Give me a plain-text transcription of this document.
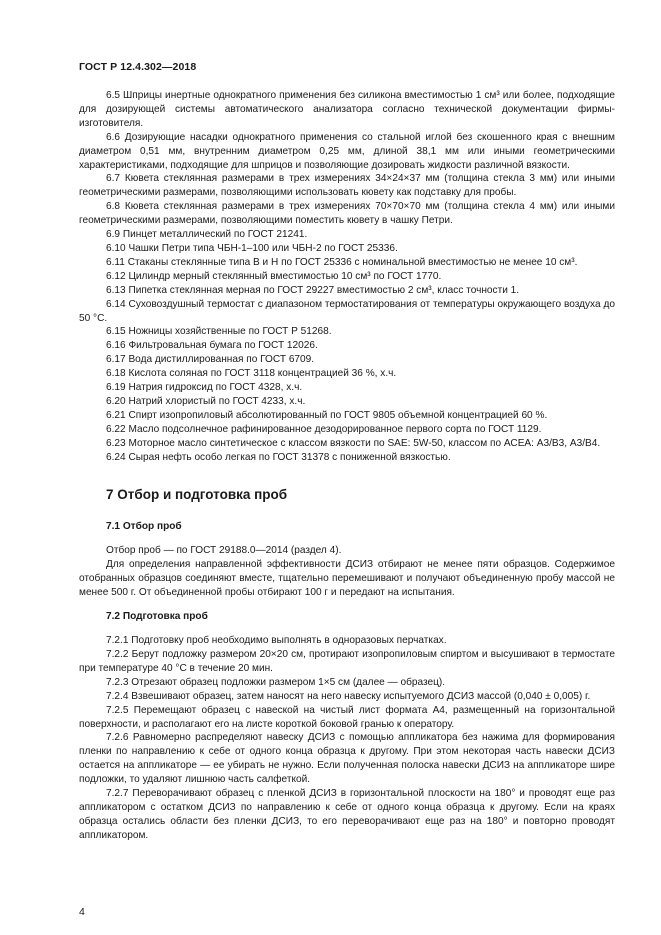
ГОСТ Р 12.4.302—2018

6.5 Шприцы инертные однократного применения без силикона вместимостью 1 см³ или более, подходящие для дозирующей системы автоматического анализатора согласно технической документации фирмы-изготовителя.

6.6 Дозирующие насадки однократного применения со стальной иглой без скошенного края с внешним диаметром 0,51 мм, внутренним диаметром 0,25 мм, длиной 38,1 мм или иными геометрическими характеристиками, подходящие для шприцов и позволяющие дозировать жидкости различной вязкости.

6.7 Кювета стеклянная размерами в трех измерениях 34×24×37 мм (толщина стекла 3 мм) или иными геометрическими размерами, позволяющими использовать кювету как подставку для пробы.

6.8 Кювета стеклянная размерами в трех измерениях 70×70×70 мм (толщина стекла 4 мм) или иными геометрическими размерами, позволяющими поместить кювету в чашку Петри.

6.9 Пинцет металлический по ГОСТ 21241.

6.10 Чашки Петри типа ЧБН-1–100 или ЧБН-2 по ГОСТ 25336.

6.11 Стаканы стеклянные типа В и Н по ГОСТ 25336 с номинальной вместимостью не менее 10 см³.

6.12 Цилиндр мерный стеклянный вместимостью 10 см³ по ГОСТ 1770.

6.13 Пипетка стеклянная мерная по ГОСТ 29227 вместимостью 2 см³, класс точности 1.

6.14 Суховоздушный термостат с диапазоном термостатирования от температуры окружающего воздуха до 50 °С.

6.15 Ножницы хозяйственные по ГОСТ Р 51268.

6.16 Фильтровальная бумага по ГОСТ 12026.

6.17 Вода дистиллированная по ГОСТ 6709.

6.18 Кислота соляная по ГОСТ 3118 концентрацией 36 %, х.ч.

6.19 Натрия гидроксид по ГОСТ 4328, х.ч.

6.20 Натрий хлористый по ГОСТ 4233, х.ч.

6.21 Спирт изопропиловый абсолютированный по ГОСТ 9805 объемной концентрацией 60 %.

6.22 Масло подсолнечное рафинированное дезодорированное первого сорта по ГОСТ 1129.

6.23 Моторное масло синтетическое с классом вязкости по SAE: 5W-50, классом по АСЕА: А3/В3, А3/В4.

6.24 Сырая нефть особо легкая по ГОСТ 31378 с пониженной вязкостью.

7 Отбор и подготовка проб
7.1 Отбор проб

Отбор проб — по ГОСТ 29188.0—2014 (раздел 4).

Для определения направленной эффективности ДСИЗ отбирают не менее пяти образцов. Содержимое отобранных образцов соединяют вместе, тщательно перемешивают и получают объединенную пробу массой не менее 500 г. От объединенной пробы отбирают 100 г и передают на испытания.

7.2 Подготовка проб

7.2.1 Подготовку проб необходимо выполнять в одноразовых перчатках.

7.2.2 Берут подложку размером 20×20 см, протирают изопропиловым спиртом и высушивают в термостате при температуре 40 °С в течение 20 мин.

7.2.3 Отрезают образец подложки размером 1×5 см (далее — образец).

7.2.4 Взвешивают образец, затем наносят на него навеску испытуемого ДСИЗ массой (0,040 ± 0,005) г.

7.2.5 Перемещают образец с навеской на чистый лист формата А4, размещенный на горизонтальной поверхности, и располагают его на листе короткой боковой гранью к оператору.

7.2.6 Равномерно распределяют навеску ДСИЗ с помощью аппликатора без нажима для формирования пленки по направлению к себе от одного конца образца к другому. При этом некоторая часть навески ДСИЗ остается на аппликаторе — ее убирать не нужно. Если полученная полоска навески ДСИЗ на аппликаторе шире подложки, то удаляют лишнюю часть салфеткой.

7.2.7 Переворачивают образец с пленкой ДСИЗ в горизонтальной плоскости на 180° и проводят еще раз аппликатором с остатком ДСИЗ по направлению к себе от одного конца образца к другому. Если на краях образца остались области без пленки ДСИЗ, то его переворачивают еще раз на 180° и повторно проводят аппликатором.

4
